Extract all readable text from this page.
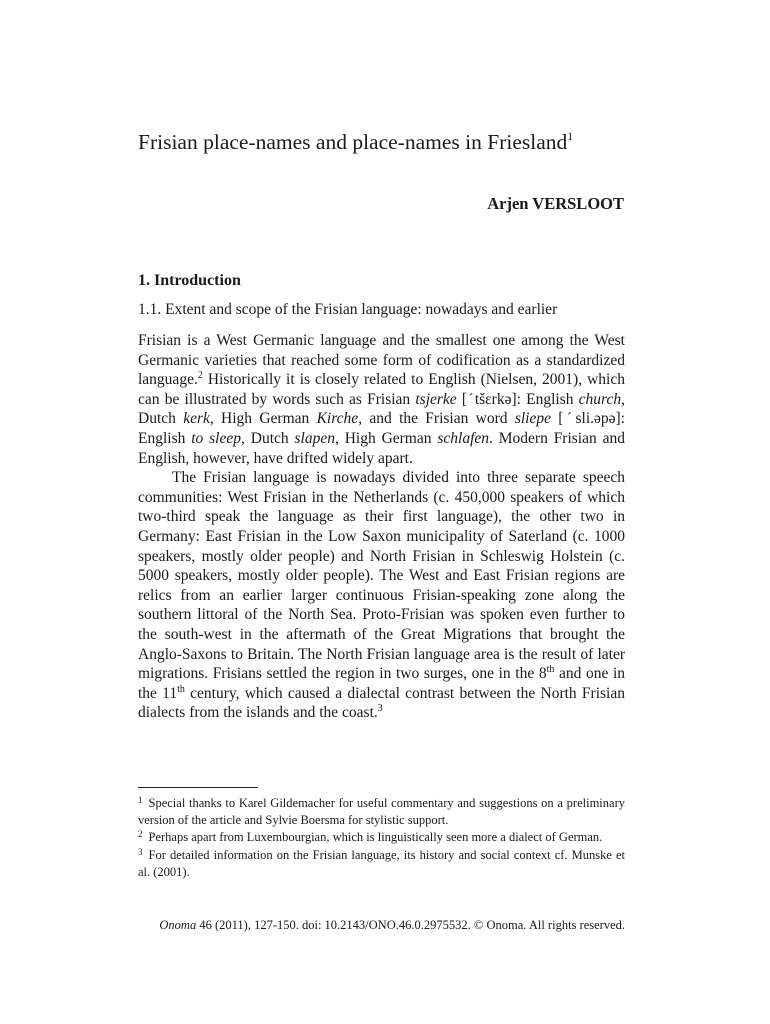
Frisian place-names and place-names in Friesland$^1$
Arjen VERSLOOT
1. Introduction
1.1. Extent and scope of the Frisian language: nowadays and earlier

Frisian is a West Germanic language and the smallest one among the West Germanic varieties that reached some form of codification as a standardized language.$^2$ Historically it is closely related to English (Nielsen, 2001), which can be illustrated by words such as Frisian tsjerke [ˊtšɛrkə]: English church, Dutch kerk, High German Kirche, and the Frisian word sliepe [ˊsli.əpə]: English to sleep, Dutch slapen, High German schlafen. Modern Frisian and English, however, have drifted widely apart.

The Frisian language is nowadays divided into three separate speech communities: West Frisian in the Netherlands (c. 450,000 speakers of which two-third speak the language as their first language), the other two in Germany: East Frisian in the Low Saxon municipality of Saterland (c. 1000 speakers, mostly older people) and North Frisian in Schleswig Holstein (c. 5000 speakers, mostly older people). The West and East Frisian regions are relics from an earlier larger continuous Frisian-speaking zone along the southern littoral of the North Sea. Proto-Frisian was spoken even further to the south-west in the aftermath of the Great Migrations that brought the Anglo-Saxons to Britain. The North Frisian language area is the result of later migrations. Frisians settled the region in two surges, one in the 8th and one in the 11th century, which caused a dialectal contrast between the North Frisian dialects from the islands and the coast.$^3$

$^1$ Special thanks to Karel Gildemacher for useful commentary and suggestions on a preliminary version of the article and Sylvie Boersma for stylistic support.

$^2$ Perhaps apart from Luxembourgian, which is linguistically seen more a dialect of German.

$^3$ For detailed information on the Frisian language, its history and social context cf. Munske et al. (2001).

Onoma 46 (2011), 127-150. doi: 10.2143/ONO.46.0.2975532. © Onoma. All rights reserved.
